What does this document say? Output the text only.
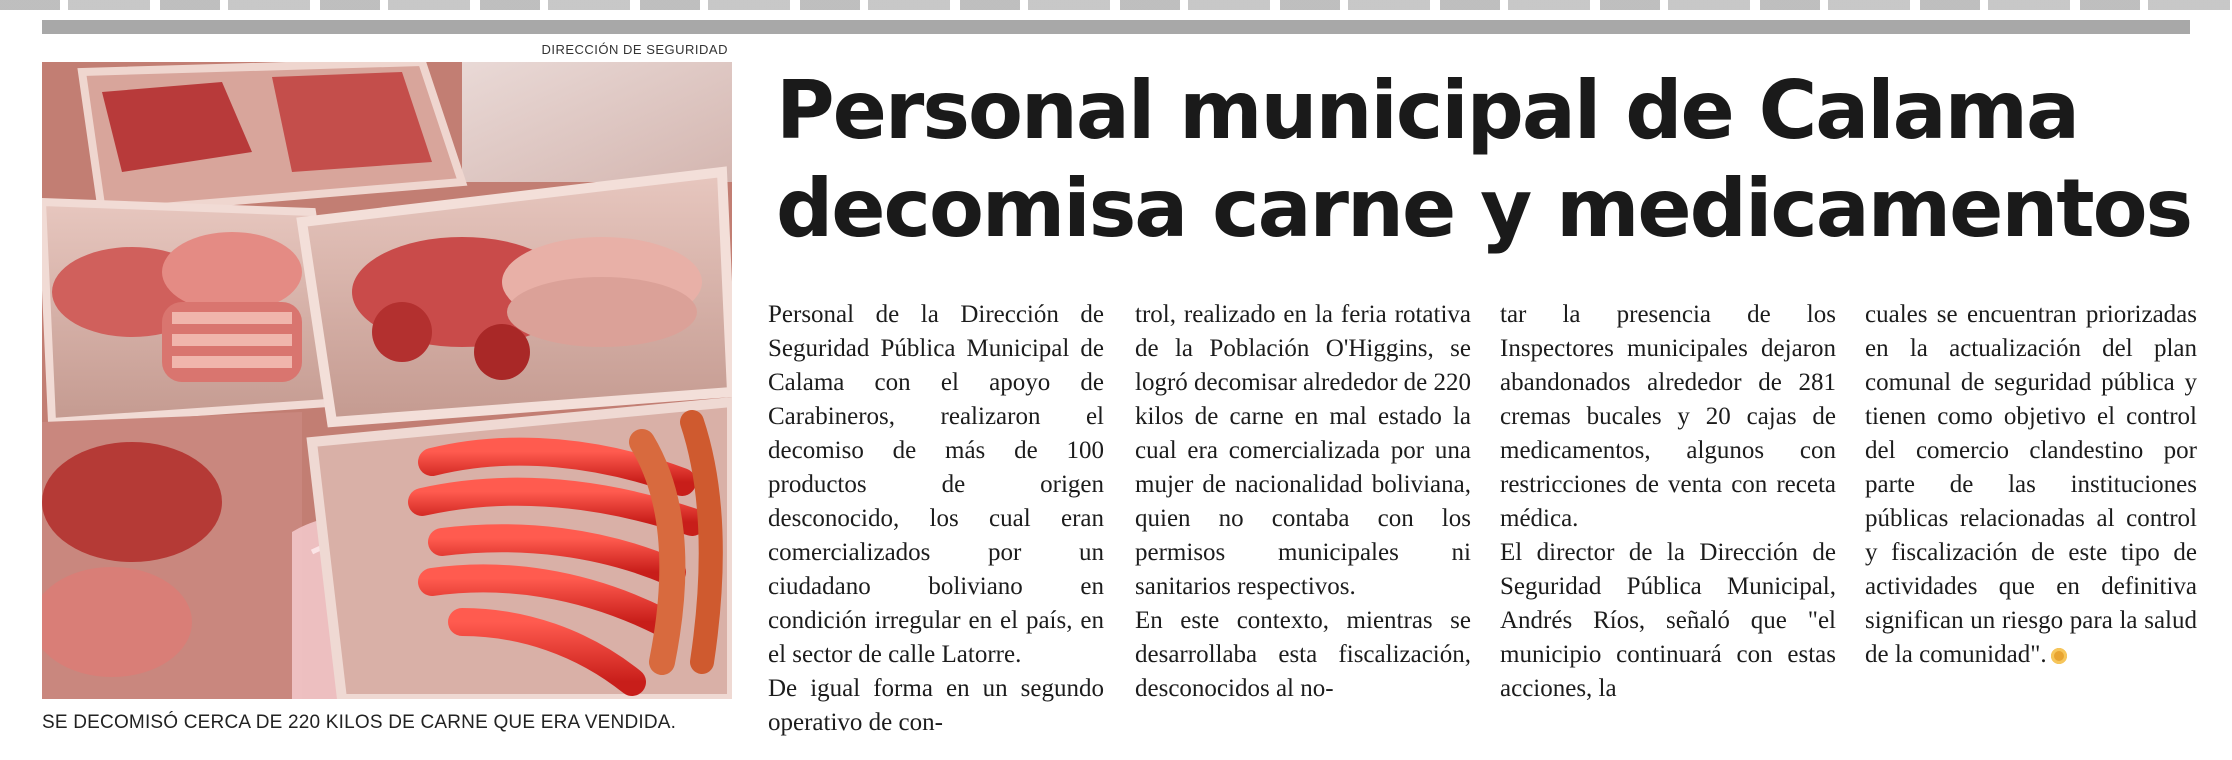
DIRECCIÓN DE SEGURIDAD
SE DECOMISÓ CERCA DE 220 KILOS DE CARNE QUE ERA VENDIDA.
Personal municipal de Calama
decomisa carne y medicamentos

Personal de la Dirección de Seguridad Pública Municipal de Calama con el apoyo de Carabineros, realizaron el decomiso de más de 100 productos de origen desconocido, los cual eran comercializados por un ciudadano boliviano en condición irregular en el país, en el sector de calle Latorre.

De igual forma en un segundo operativo de con-

trol, realizado en la feria rotativa de la Población O'Higgins, se logró decomisar alrededor de 220 kilos de carne en mal estado la cual era comercializada por una mujer de nacionalidad boliviana, quien no contaba con los permisos municipales ni sanitarios respectivos.

En este contexto, mientras se desarrollaba esta fiscalización, desconocidos al no-

tar la presencia de los Inspectores municipales dejaron abandonados alrededor de 281 cremas bucales y 20 cajas de medicamentos, algunos con restricciones de venta con receta médica.

El director de la Dirección de Seguridad Pública Municipal, Andrés Ríos, señaló que "el municipio continuará con estas acciones, la

cuales se encuentran priorizadas en la actualización del plan comunal de seguridad pública y tienen como objetivo el control del comercio clandestino por parte de las instituciones públicas relacionadas al control y fiscalización de este tipo de actividades que en definitiva significan un riesgo para la salud de la comunidad".
